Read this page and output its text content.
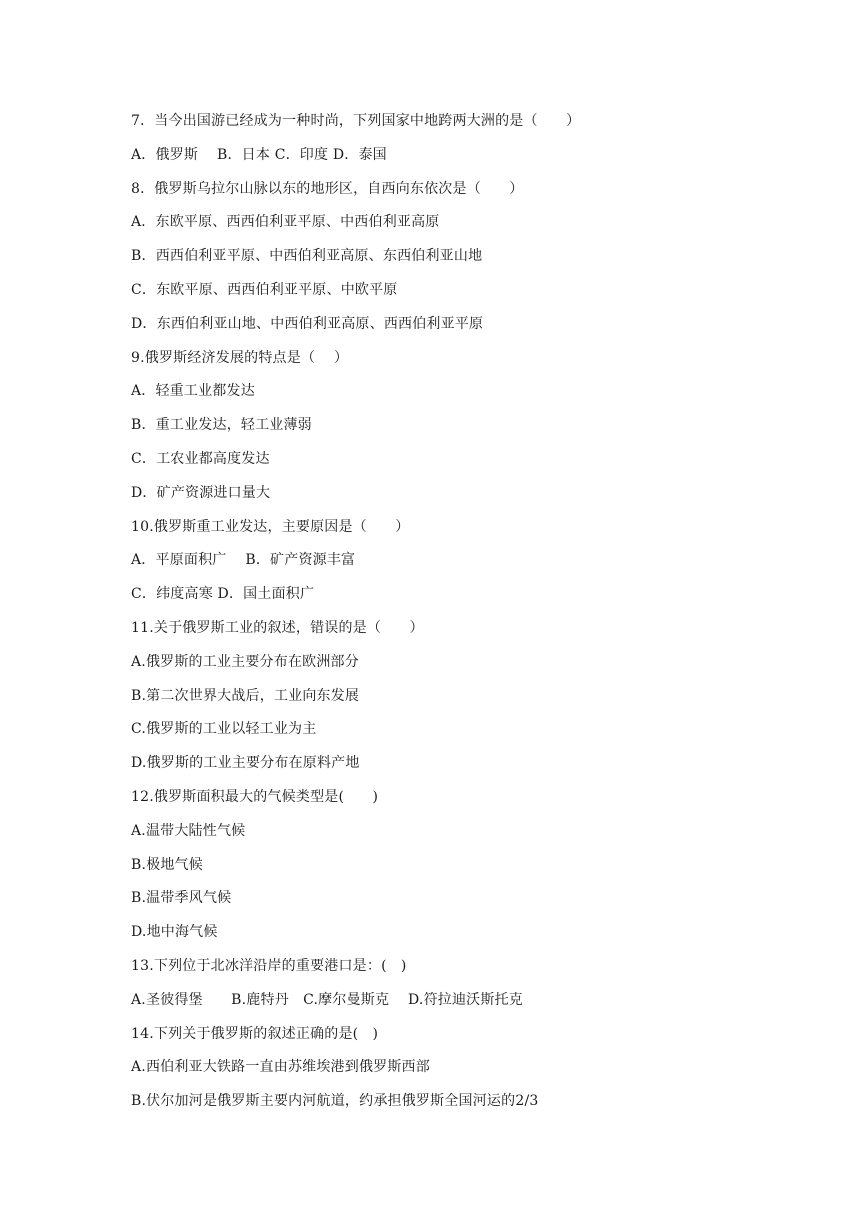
7．当今出国游已经成为一种时尚，下列国家中地跨两大洲的是（　　）
A．俄罗斯　 B．日本 C．印度 D．泰国
8．俄罗斯乌拉尔山脉以东的地形区，自西向东依次是（　　）
A．东欧平原、西西伯利亚平原、中西伯利亚高原
B．西西伯利亚平原、中西伯利亚高原、东西伯利亚山地
C．东欧平原、西西伯利亚平原、中欧平原
D．东西伯利亚山地、中西伯利亚高原、西西伯利亚平原
9.俄罗斯经济发展的特点是（　 ）
A．轻重工业都发达
B．重工业发达，轻工业薄弱
C．工农业都高度发达
D．矿产资源进口量大
10.俄罗斯重工业发达，主要原因是（　　）
A．平原面积广　 B．矿产资源丰富
C．纬度高寒 D．国土面积广
11.关于俄罗斯工业的叙述，错误的是（　　）
A.俄罗斯的工业主要分布在欧洲部分
B.第二次世界大战后，工业向东发展
C.俄罗斯的工业以轻工业为主
D.俄罗斯的工业主要分布在原料产地
12.俄罗斯面积最大的气候类型是(　　)
A.温带大陆性气候
B.极地气候
B.温带季风气候
D.地中海气候
13.下列位于北冰洋沿岸的重要港口是：(　)
A.圣彼得堡　　B.鹿特丹　C.摩尔曼斯克　 D.符拉迪沃斯托克
14.下列关于俄罗斯的叙述正确的是(　)
A.西伯利亚大铁路一直由苏维埃港到俄罗斯西部
B.伏尔加河是俄罗斯主要内河航道，约承担俄罗斯全国河运的2/3
